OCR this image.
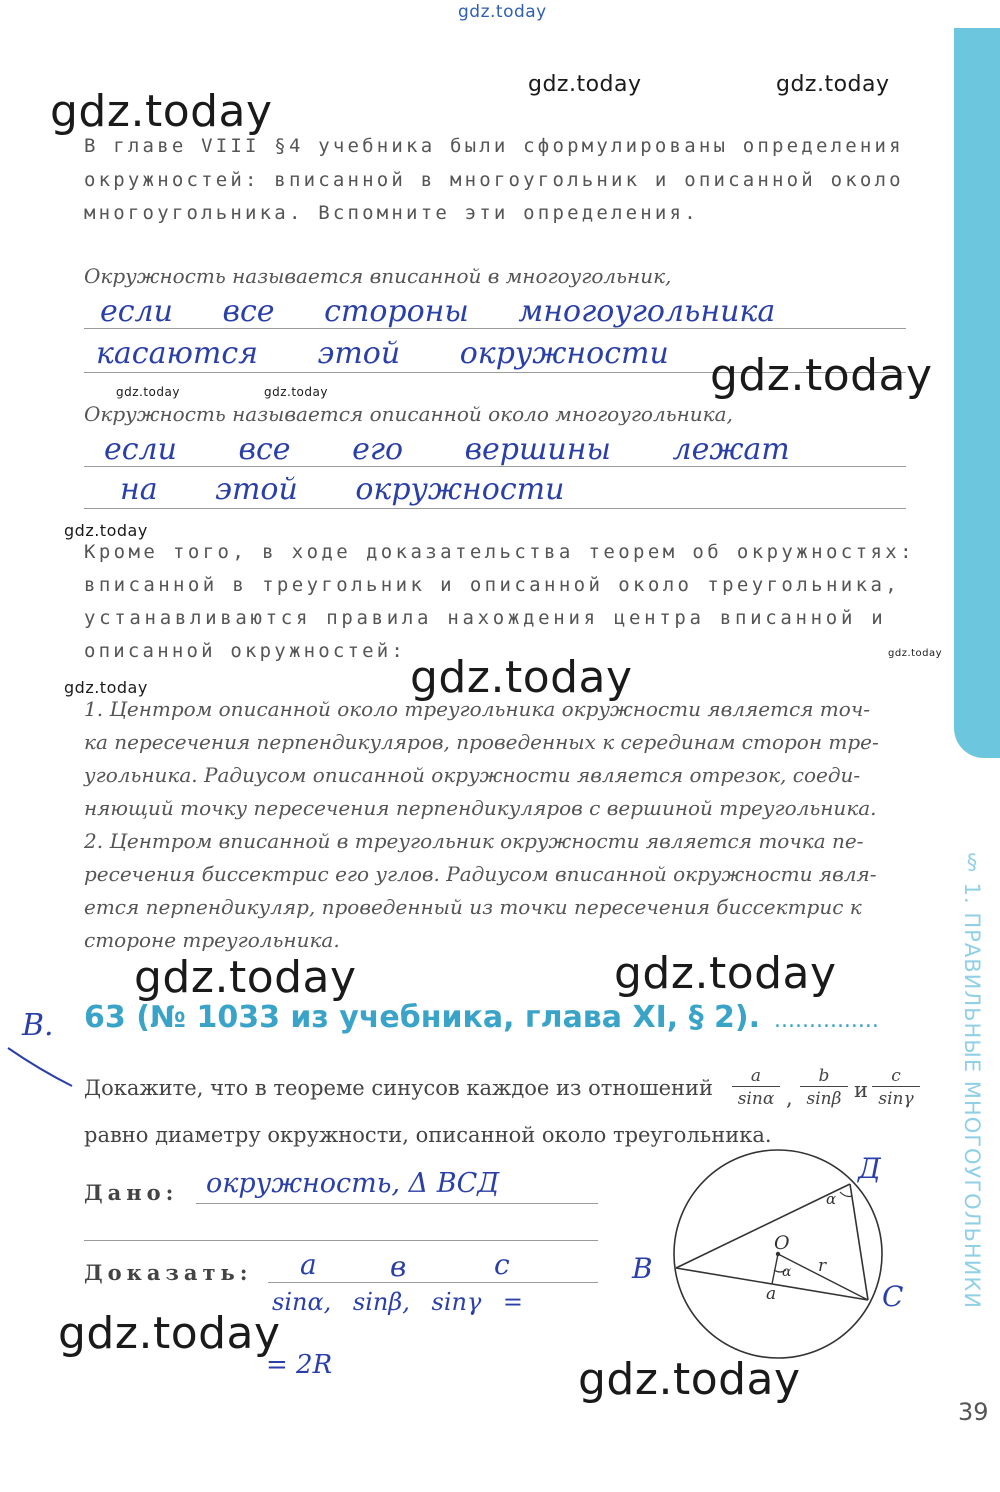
§ 1. ПРАВИЛЬНЫЕ МНОГОУГОЛЬНИКИ
gdz.today
gdz.today
gdz.today	gdz.today
В главе VIII §4 учебника были сформулированы определения
окружностей: вписанной в многоугольник и описанной около
многоугольника. Вспомните эти определения.
Окружность называется вписанной в многоугольник,
если все стороны многоугольника
касаются этой окружности
gdz.today	gdz.today	gdz.today
Окружность называется описанной около многоугольника,
если все его вершины лежат
на этой окружности
gdz.today
Кроме того, в ходе доказательства теорем об окружностях:
вписанной в треугольник и описанной около треугольника,
устанавливаются правила нахождения центра вписанной и
описанной окружностей:
gdz.today	gdz.today
gdz.today
1. Центром описанной около треугольника окружности является точ-
ка пересечения перпендикуляров, проведенных к серединам сторон тре-
угольника. Радиусом описанной окружности является отрезок, соеди-
няющий точку пересечения перпендикуляров с вершиной треугольника.
2. Центром вписанной в треугольник окружности является точка пе-
ресечения биссектрис его углов. Радиусом вписанной окружности явля-
ется перпендикуляр, проведенный из точки пересечения биссектрис к
стороне треугольника.
gdz.today	gdz.today
В. 63 (№ 1033 из учебника, глава XI, § 2). ...............
Докажите, что в теореме синусов каждое из отношений $\frac{a}{\sin\alpha}$ , $\frac{b}{\sin\beta}$ и $\frac{c}{\sin\gamma}$
равно диаметру окружности, описанной около треугольника.
Дано: окружность, Δ ВСД
Доказать: a	в	c
sinα, sinβ, sinγ =
= 2R
gdz.today
gdz.today
O
r
a
α
α
В
С
Д
39
